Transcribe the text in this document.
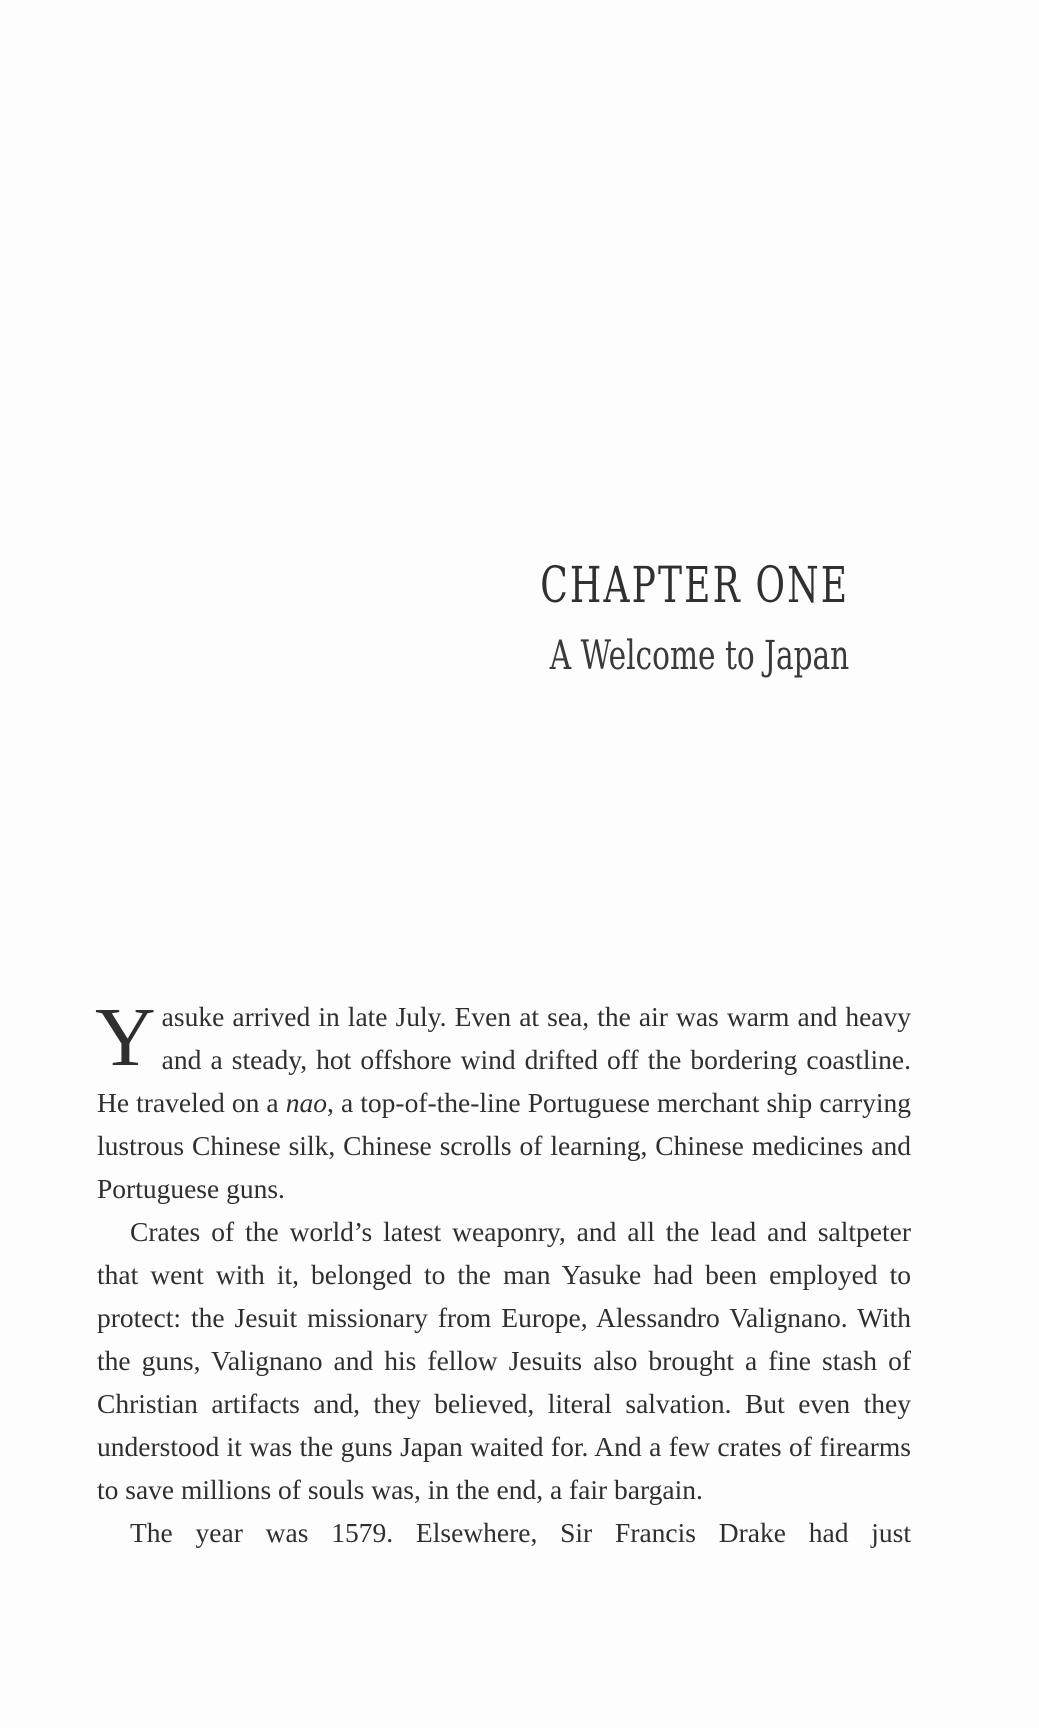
CHAPTER ONE
A Welcome to Japan

Yasuke arrived in late July. Even at sea, the air was warm and heavy and a steady, hot offshore wind drifted off the bordering coastline. He traveled on a nao, a top-of-the-line Portuguese merchant ship carrying lustrous Chinese silk, Chinese scrolls of learning, Chinese medicines and Portuguese guns.

Crates of the world’s latest weaponry, and all the lead and saltpeter that went with it, belonged to the man Yasuke had been employed to protect: the Jesuit missionary from Europe, Alessandro Valignano. With the guns, Valignano and his fellow Jesuits also brought a fine stash of Christian artifacts and, they believed, literal salvation. But even they understood it was the guns Japan waited for. And a few crates of firearms to save millions of souls was, in the end, a fair bargain.

The year was 1579. Elsewhere, Sir Francis Drake had just
